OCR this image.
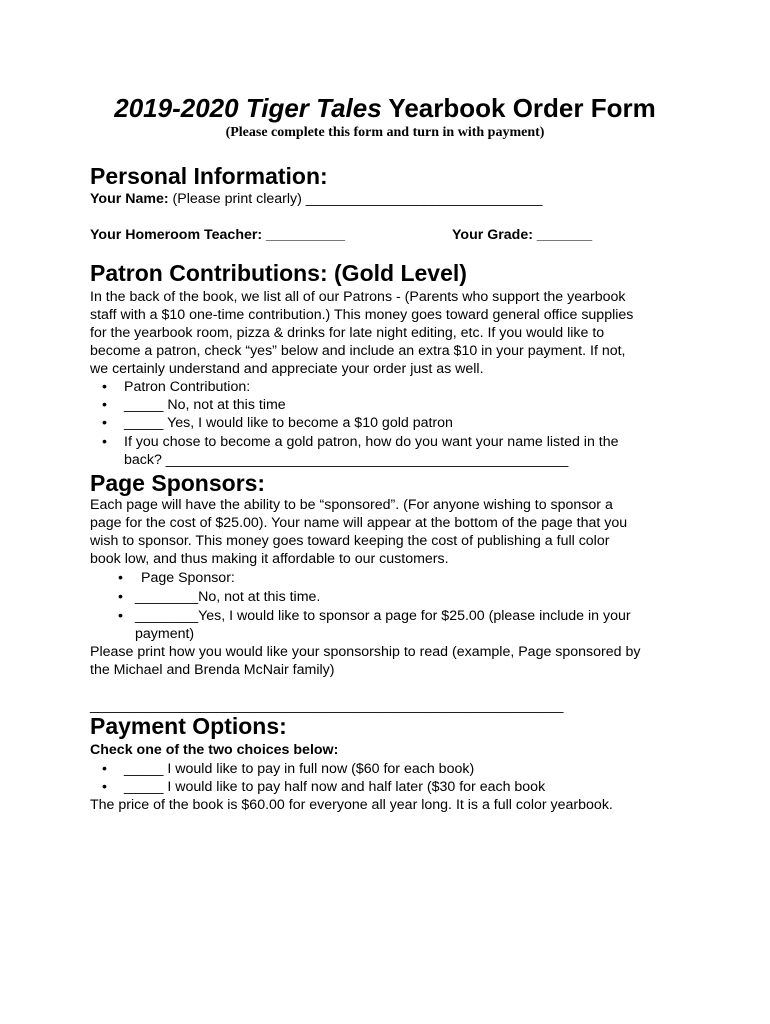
2019-2020 Tiger Tales Yearbook Order Form
(Please complete this form and turn in with payment)
Personal Information:
Your Name: (Please print clearly) ______________________________
Your Homeroom Teacher: __________	Your Grade: _______
Patron Contributions: (Gold Level)
In the back of the book, we list all of our Patrons - (Parents who support the yearbook
staff with a $10 one-time contribution.) This money goes toward general office supplies
for the yearbook room, pizza & drinks for late night editing, etc. If you would like to
become a patron, check “yes” below and include an extra $10 in your payment. If not,
we certainly understand and appreciate your order just as well.
• Patron Contribution:
• _____ No, not at this time
• _____ Yes, I would like to become a $10 gold patron
• If you chose to become a gold patron, how do you want your name listed in the
back? ___________________________________________________
Page Sponsors:
Each page will have the ability to be “sponsored”. (For anyone wishing to sponsor a
page for the cost of $25.00). Your name will appear at the bottom of the page that you
wish to sponsor. This money goes toward keeping the cost of publishing a full color
book low, and thus making it affordable to our customers.
• Page Sponsor:
• ________No, not at this time.
• ________Yes, I would like to sponsor a page for $25.00 (please include in your
payment)
Please print how you would like your sponsorship to read (example, Page sponsored by
the Michael and Brenda McNair family)
____________________________________________________________
Payment Options:
Check one of the two choices below:
• _____ I would like to pay in full now ($60 for each book)
• _____ I would like to pay half now and half later ($30 for each book
The price of the book is $60.00 for everyone all year long. It is a full color yearbook.
